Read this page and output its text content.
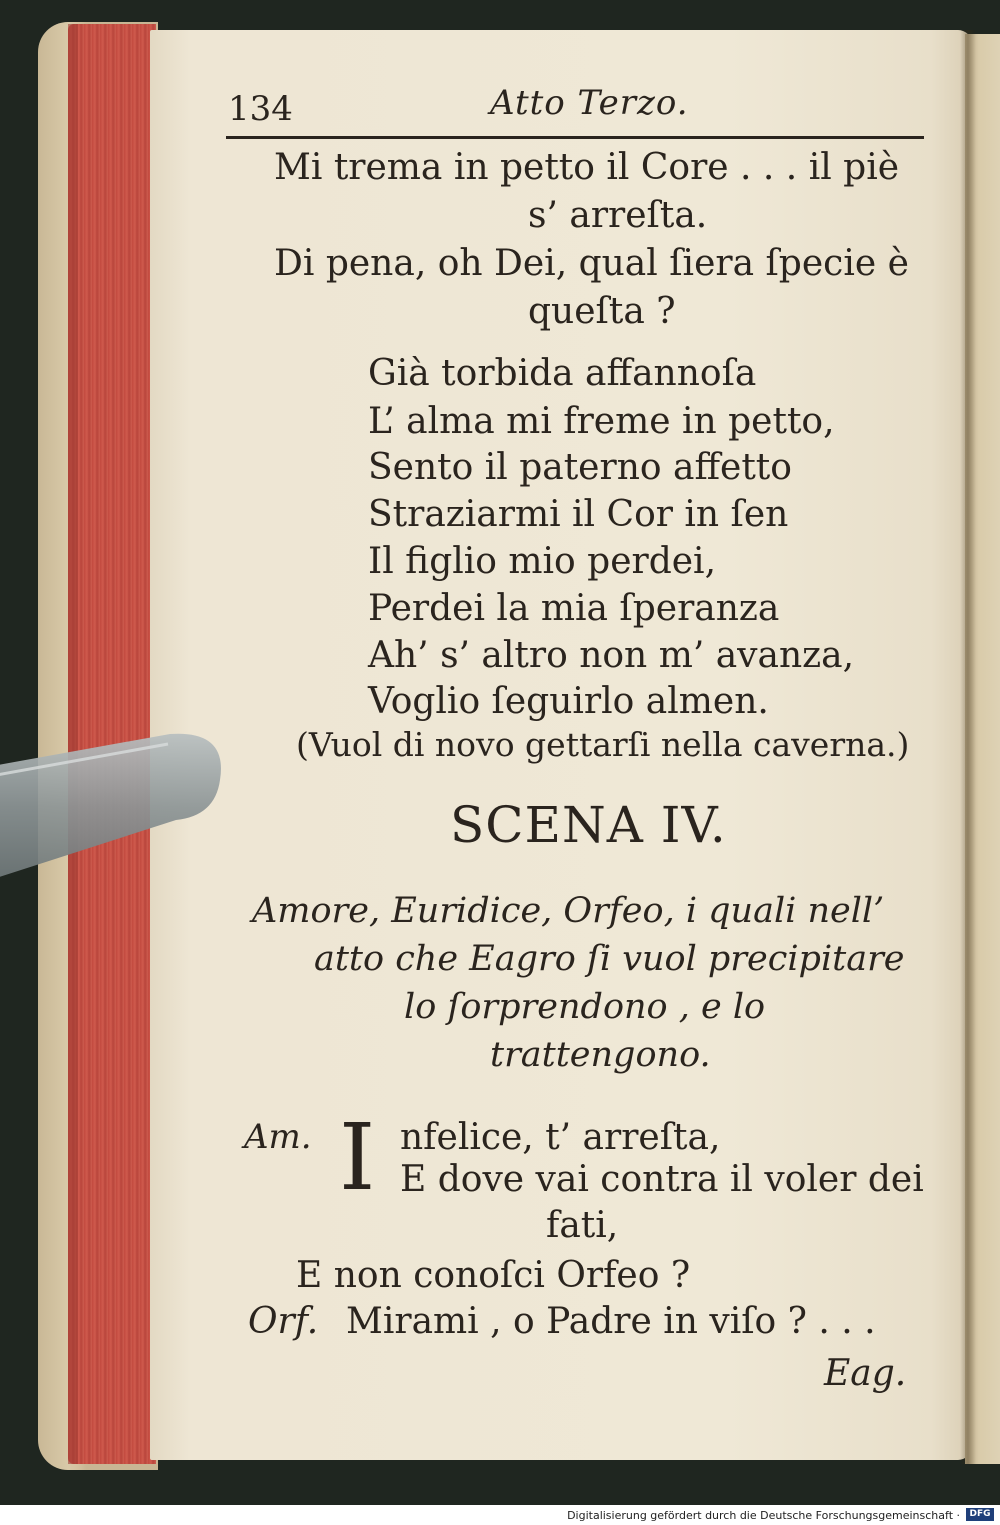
134	Atto Terzo.
Mi trema in petto il Core . . . il piè
s’ arreſta.
Di pena, oh Dei, qual ſiera ſpecie è
queſta ?
Già torbida affannoſa
L’ alma mi freme in petto,
Sento il paterno affetto
Straziarmi il Cor in ſen
Il figlio mio perdei,
Perdei la mia ſperanza
Ah’ s’ altro non m’ avanza,
Voglio ſeguirlo almen.
(Vuol di novo gettarſi nella caverna.)
SCENA IV.
Amore, Euridice, Orfeo, i quali nell’
atto che Eagro ſi vuol precipitare
lo ſorprendono , e lo
trattengono.
Am. I nfelice, t’ arreſta,
E dove vai contra il voler dei
fati,
E non conoſci Orfeo ?
Orf. Mirami , o Padre in viſo ? . . .
Eag.
Digitalisierung gefördert durch die Deutsche Forschungsgemeinschaft ·	DFG
